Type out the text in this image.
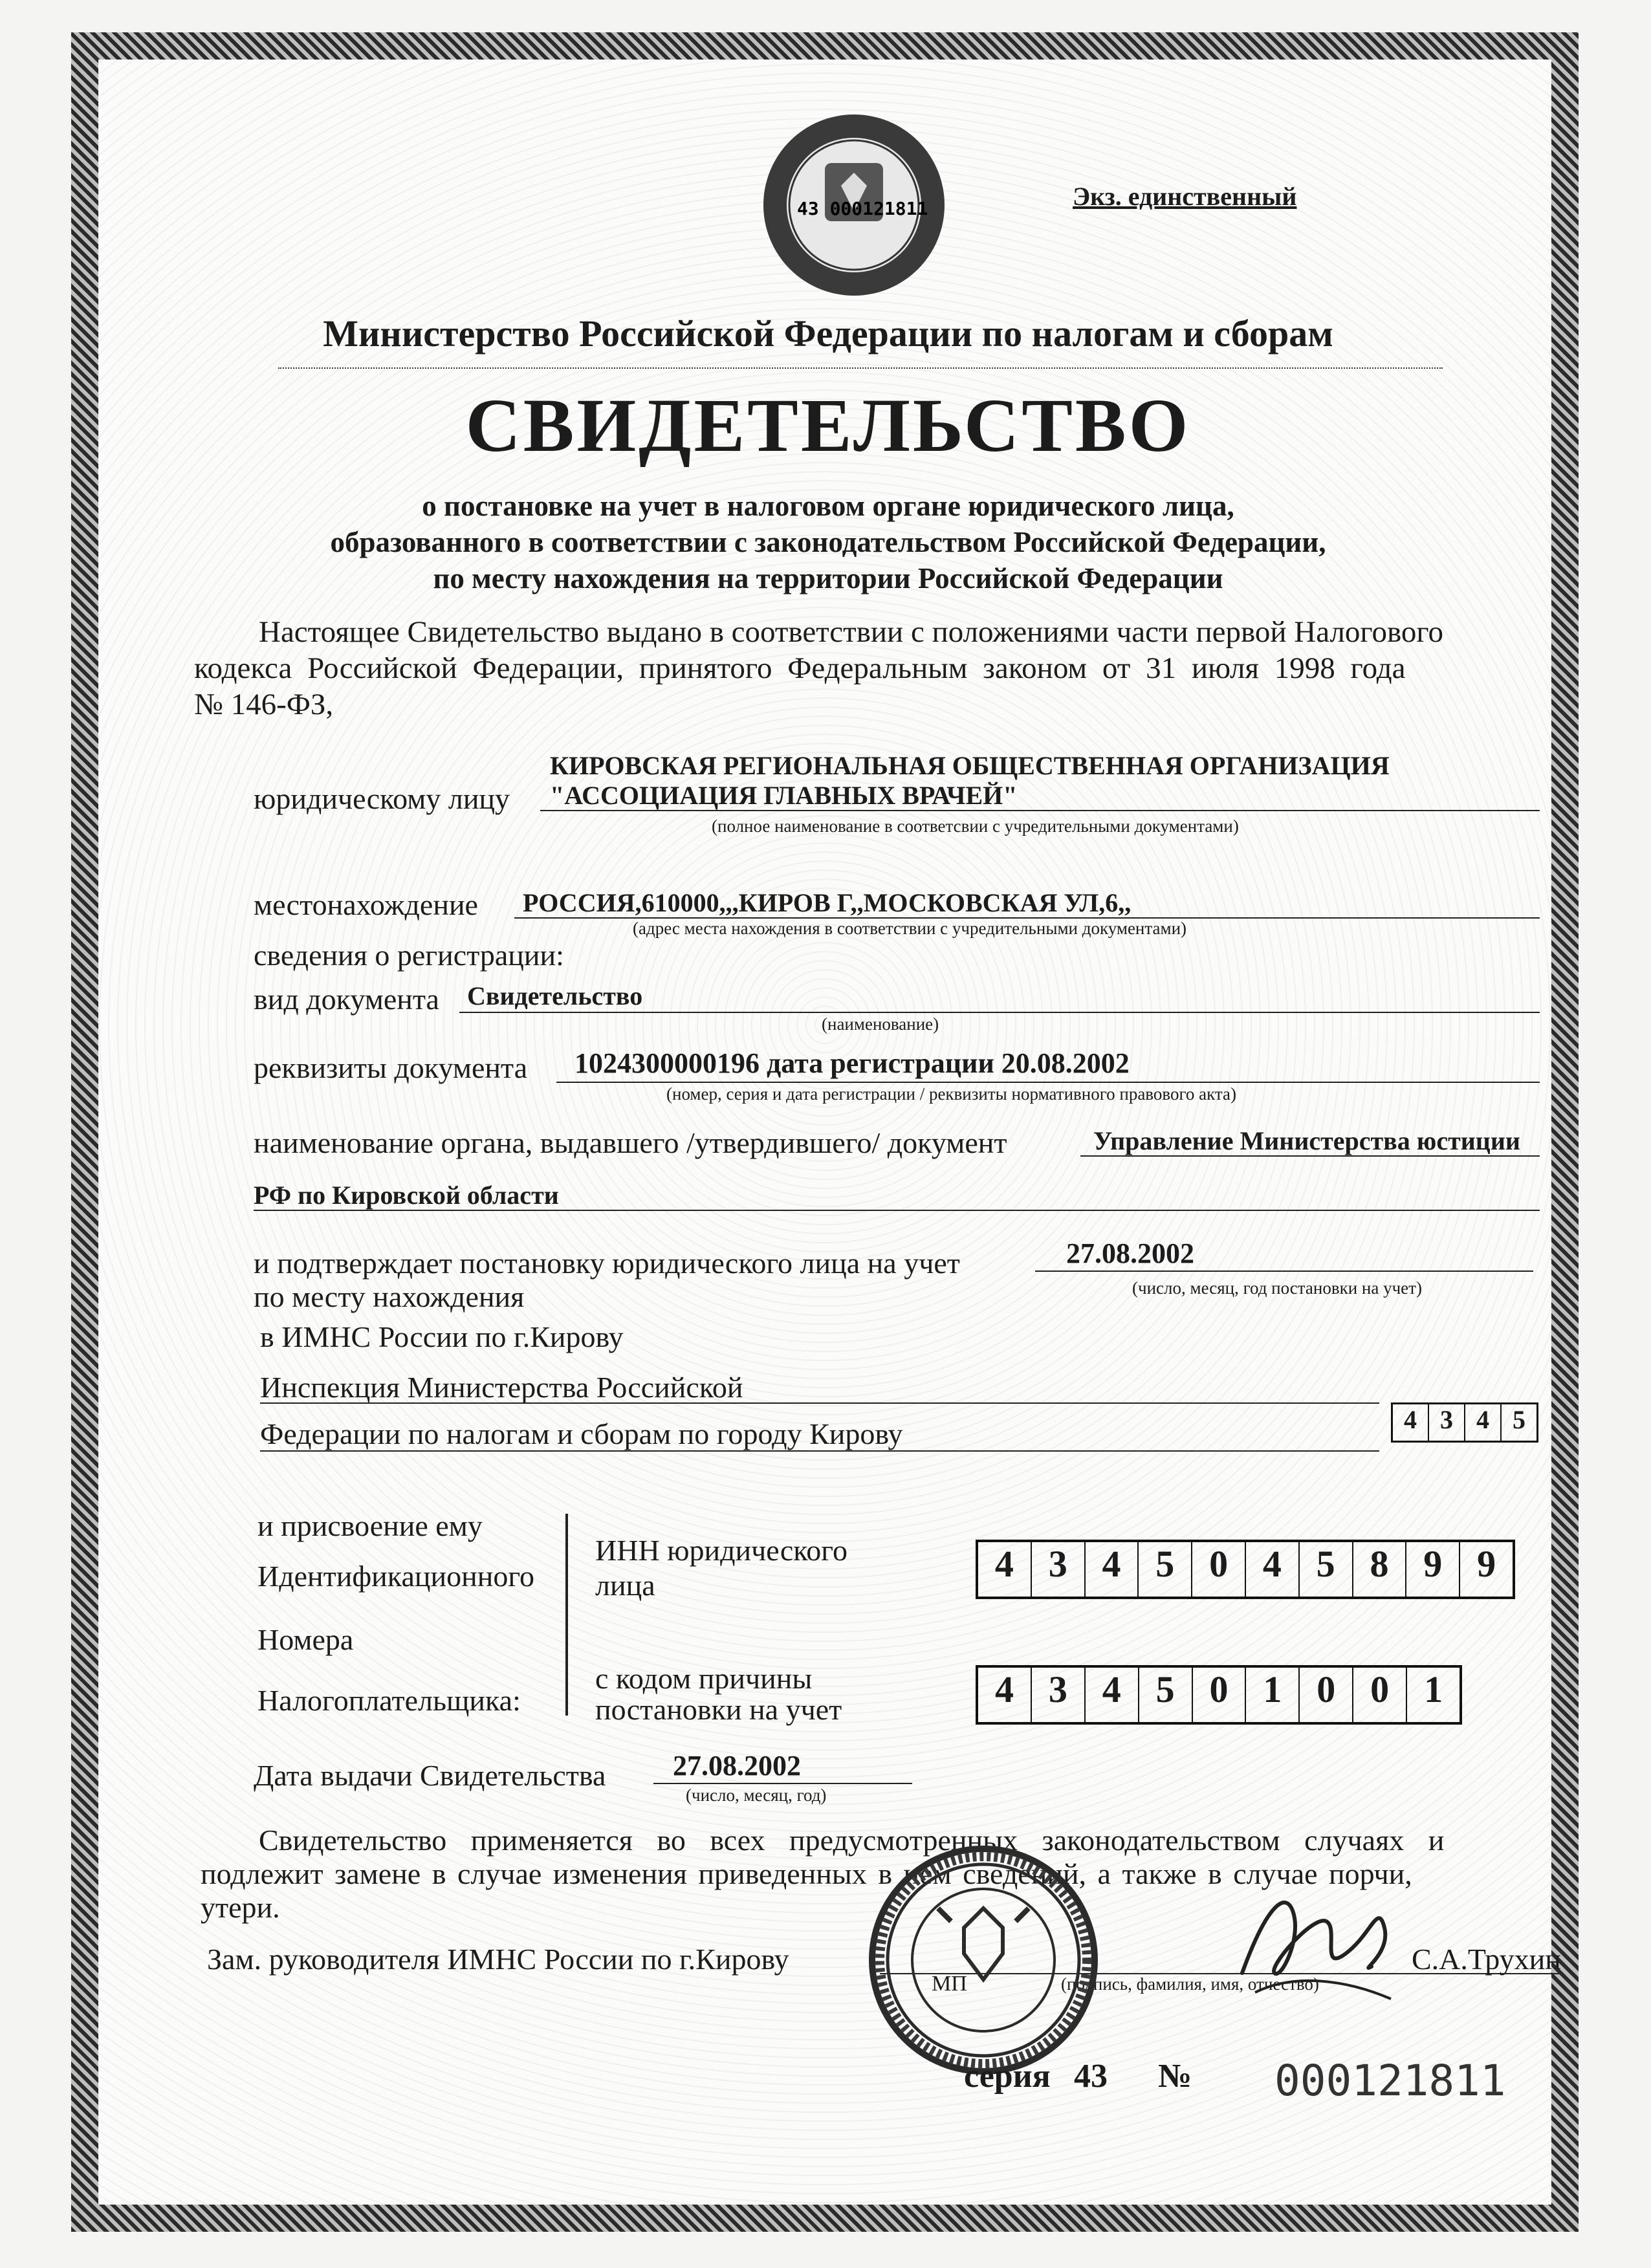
43 000121811	Экз. единственный
Министерство Российской Федерации по налогам и сборам
СВИДЕТЕЛЬСТВО
о постановке на учет в налоговом органе юридического лица,
образованного в соответствии с законодательством Российской Федерации,
по месту нахождения на территории Российской Федерации
Настоящее Свидетельство выдано в соответствии с положениями части первой Налогового
кодекса Российской Федерации, принятого Федеральным законом от 31 июля 1998 года
№ 146-ФЗ,
КИРОВСКАЯ РЕГИОНАЛЬНАЯ ОБЩЕСТВЕННАЯ ОРГАНИЗАЦИЯ
юридическому лицу "АССОЦИАЦИЯ ГЛАВНЫХ ВРАЧЕЙ"
(полное наименование в соответсвии с учредительными документами)
местонахождение РОССИЯ,610000,,,КИРОВ Г,,МОСКОВСКАЯ УЛ,6,,
(адрес места нахождения в соответствии с учредительными документами)
сведения о регистрации:
вид документа Свидетельство
(наименование)
реквизиты документа 1024300000196 дата регистрации 20.08.2002
(номер, серия и дата регистрации / реквизиты нормативного правового акта)
наименование органа, выдавшего /утвердившего/ документ	Управление Министерства юстиции
РФ по Кировской области
и подтверждает постановку юридического лица на учет	27.08.2002
по месту нахождения	(число, месяц, год постановки на учет)
в ИМНС России по г.Кирову
Инспекция Министерства Российской
Федерации по налогам и сборам по городу Кирову	4 3 4 5
и присвоение ему
Идентификационного
Номера
Налогоплательщика:
ИНН юридического
лица
4 3 4 5 0 4 5 8 9 9
с кодом причины
постановки на учет	4 3 4 5 0 1 0 0 1
Дата выдачи Свидетельства 27.08.2002
(число, месяц, год)
Свидетельство применяется во всех предусмотренных законодательством случаях и
подлежит замене в случае изменения приведенных в нем сведений, а также в случае порчи,
утери.
Зам. руководителя ИМНС России по г.Кирову	С.А.Трухин
(подпись, фамилия, имя, отчество)
МП
серия 43 № 000121811
